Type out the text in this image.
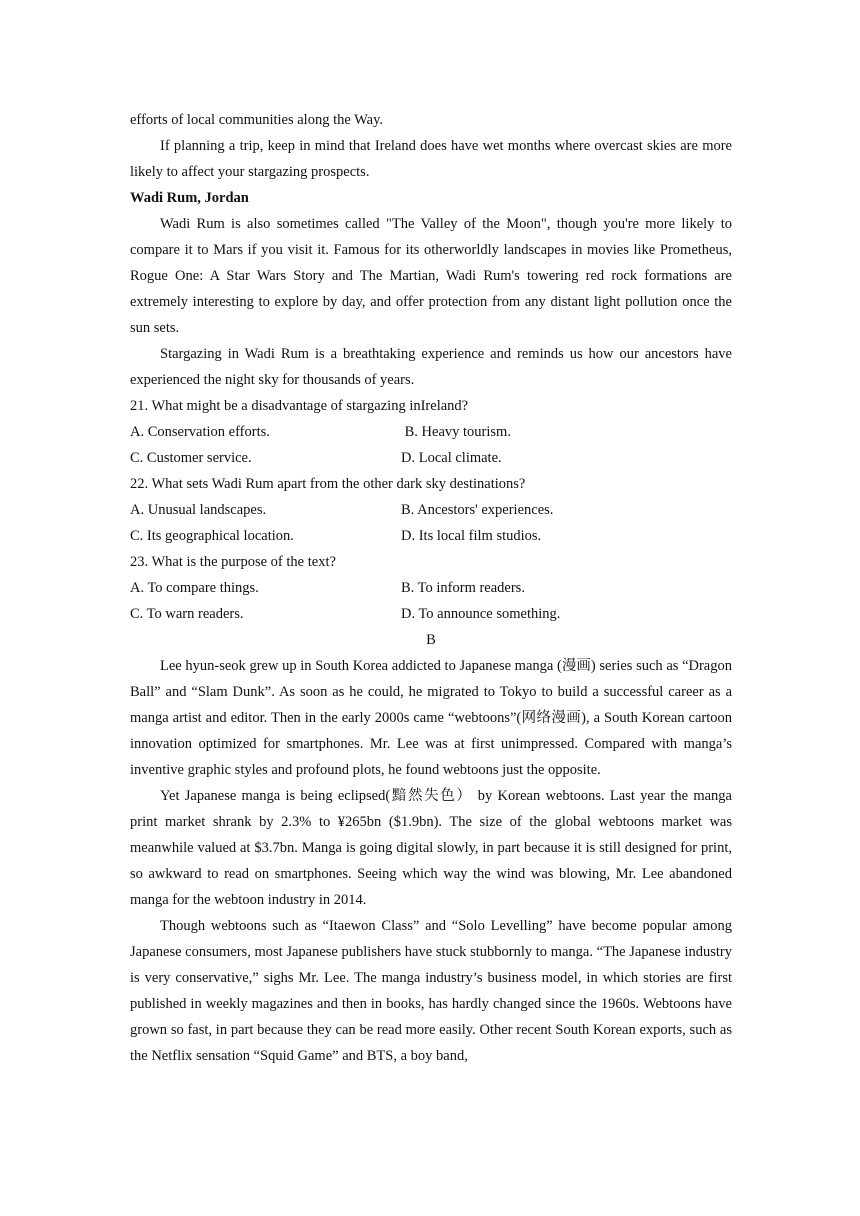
efforts of local communities along the Way.

If planning a trip, keep in mind that Ireland does have wet months where overcast skies are more likely to affect your stargazing prospects.

Wadi Rum, Jordan

Wadi Rum is also sometimes called "The Valley of the Moon", though you're more likely to compare it to Mars if you visit it. Famous for its otherworldly landscapes in movies like Prometheus, Rogue One: A Star Wars Story and The Martian, Wadi Rum's towering red rock formations are extremely interesting to explore by day, and offer protection from any distant light pollution once the sun sets.

Stargazing in Wadi Rum is a breathtaking experience and reminds us how our ancestors have experienced the night sky for thousands of years.

21. What might be a disadvantage of stargazing inIreland?
A. Conservation efforts.	B. Heavy tourism.
C. Customer service.	D. Local climate.
22. What sets Wadi Rum apart from the other dark sky destinations?
A. Unusual landscapes.	B. Ancestors' experiences.
C. Its geographical location.	D. Its local film studios.
23. What is the purpose of the text?
A. To compare things.	B. To inform readers.
C. To warn readers.	D. To announce something.
B

Lee hyun-seok grew up in South Korea addicted to Japanese manga (漫画) series such as “Dragon Ball” and “Slam Dunk”. As soon as he could, he migrated to Tokyo to build a successful career as a manga artist and editor. Then in the early 2000s came “webtoons”(网络漫画), a South Korean cartoon innovation optimized for smartphones. Mr. Lee was at first unimpressed. Compared with manga’s inventive graphic styles and profound plots, he found webtoons just the opposite.

Yet Japanese manga is being eclipsed(黯然失色） by Korean webtoons. Last year the manga print market shrank by 2.3% to ¥265bn ($1.9bn). The size of the global webtoons market was meanwhile valued at $3.7bn. Manga is going digital slowly, in part because it is still designed for print, so awkward to read on smartphones. Seeing which way the wind was blowing, Mr. Lee abandoned manga for the webtoon industry in 2014.

Though webtoons such as “Itaewon Class” and “Solo Levelling” have become popular among Japanese consumers, most Japanese publishers have stuck stubbornly to manga. “The Japanese industry is very conservative,” sighs Mr. Lee. The manga industry’s business model, in which stories are first published in weekly magazines and then in books, has hardly changed since the 1960s. Webtoons have grown so fast, in part because they can be read more easily. Other recent South Korean exports, such as the Netflix sensation “Squid Game” and BTS, a boy band,
